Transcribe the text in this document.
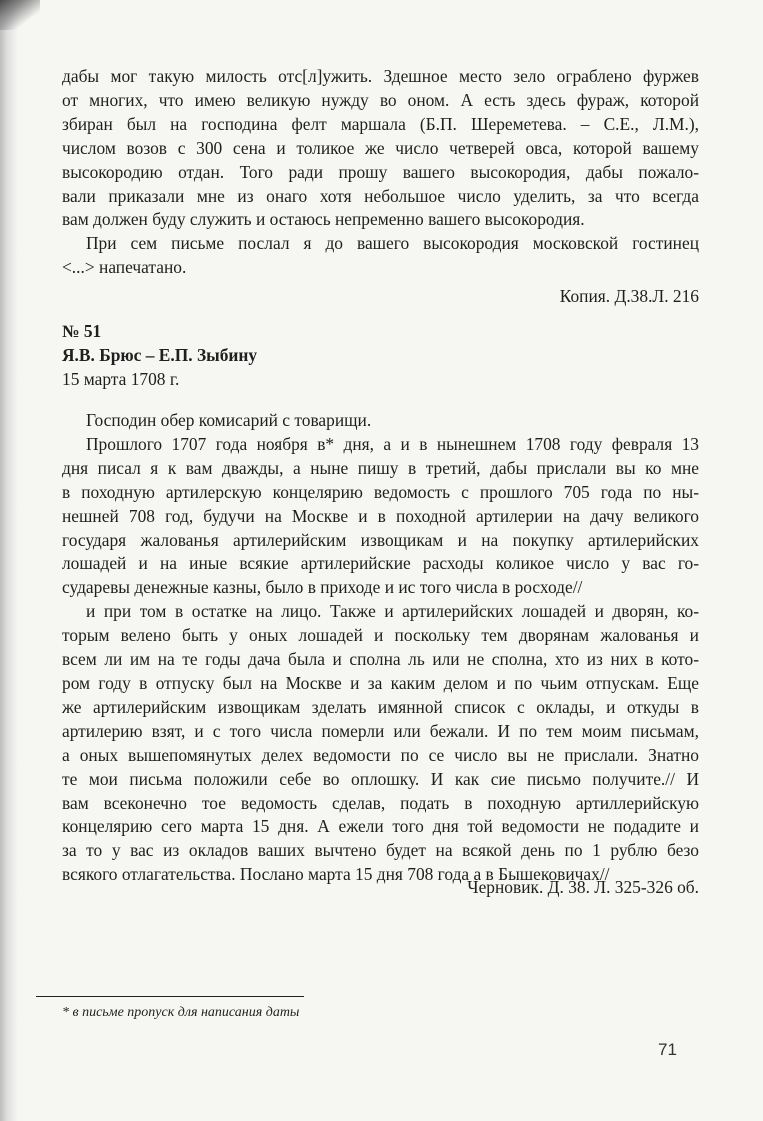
дабы мог такую милость отс[л]ужить. Здешное место зело ограблено фуржев
от многих, что имею великую нужду во оном. А есть здесь фураж, которой
збиран был на господина фелт маршала (Б.П. Шереметева. – С.Е., Л.М.),
числом возов с 300 сена и толикое же число четверей овса, которой вашему
высокородию отдан. Того ради прошу вашего высокородия, дабы пожало-
вали приказали мне из онаго хотя небольшое число уделить, за что всегда
вам должен буду служить и остаюсь непременно вашего высокородия.
При сем письме послал я до вашего высокородия московской гостинец
<...> напечатано.
Копия. Д.38.Л. 216
№ 51
Я.В. Брюс – Е.П. Зыбину
15 марта 1708 г.
Господин обер комисарий с товарищи.
Прошлого 1707 года ноября в* дня, а и в нынешнем 1708 году февраля 13
дня писал я к вам дважды, а ныне пишу в третий, дабы прислали вы ко мне
в походную артилерскую концелярию ведомость с прошлого 705 года по ны-
нешней 708 год, будучи на Москве и в походной артилерии на дачу великого
государя жалованья артилерийским извощикам и на покупку артилерийских
лошадей и на иные всякие артилерийские расходы коликое число у вас го-
сударевы денежные казны, было в приходе и ис того числа в росходе//
и при том в остатке на лицо. Также и артилерийских лошадей и дворян, ко-
торым велено быть у оных лошадей и поскольку тем дворянам жалованья и
всем ли им на те годы дача была и сполна ль или не сполна, хто из них в кото-
ром году в отпуску был на Москве и за каким делом и по чьим отпускам. Еще
же артилерийским извощикам зделать имянной список с оклады, и откуды в
артилерию взят, и с того числа померли или бежали. И по тем моим письмам,
а оных вышепомянутых делех ведомости по се число вы не прислали. Знатно
те мои письма положили себе во оплошку. И как сие письмо получите.// И
вам всеконечно тое ведомость сделав, подать в походную артиллерийскую
концелярию сего марта 15 дня. А ежели того дня той ведомости не подадите и
за то у вас из окладов ваших вычтено будет на всякой день по 1 рублю безо
всякого отлагательства. Послано марта 15 дня 708 года а в Бышековичах//
Черновик. Д. 38. Л. 325-326 об.
* в письме пропуск для написания даты
71
